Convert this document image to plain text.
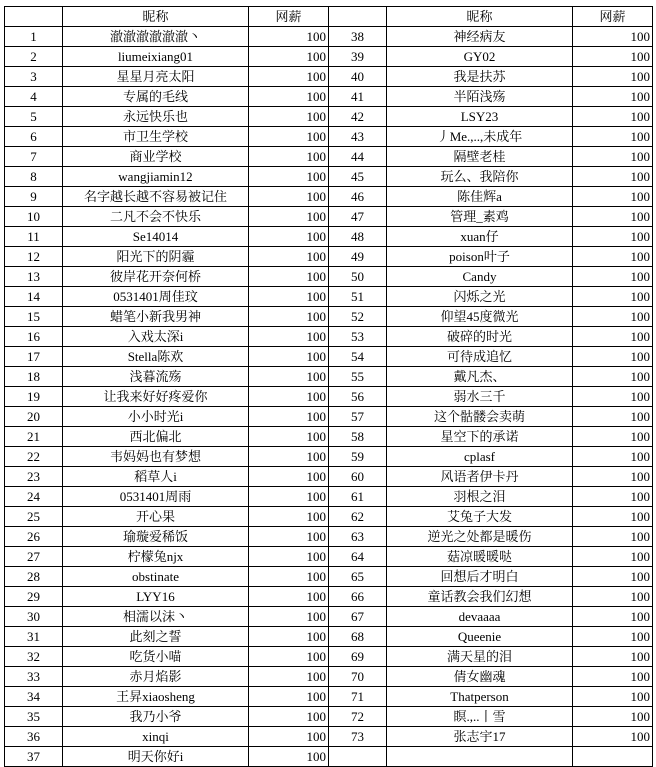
	昵称	网薪		昵称	网薪
1	澈澈澈澈澈澈丶	100	38	神经病友	100
2	liumeixiang01	100	39	GY02	100
3	星星月亮太阳	100	40	我是扶苏	100
4	专属的毛线	100	41	半陌浅殇	100
5	永远快乐也	100	42	LSY23	100
6	市卫生学校	100	43	丿Me.,..,未成年	100
7	商业学校	100	44	隔壁老桂	100
8	wangjiamin12	100	45	玩么、我陪你	100
9	名字越长越不容易被记住	100	46	陈佳辉a	100
10	二凡不会不快乐	100	47	管理_素鸡	100
11	Se14014	100	48	xuan仔	100
12	阳光下的阴霾	100	49	poison叶子	100
13	彼岸花开奈何桥	100	50	Candy	100
14	0531401周佳玟	100	51	闪烁之光	100
15	蜡笔小新我男神	100	52	仰望45度微光	100
16	入戏太深i	100	53	破碎的时光	100
17	Stella陈欢	100	54	可待成追忆	100
18	浅暮流殇	100	55	戴凡杰、	100
19	让我来好好疼爱你	100	56	弱水三千	100
20	小小时光i	100	57	这个骷髅会卖萌	100
21	西北偏北	100	58	星空下的承诺	100
22	韦妈妈也有梦想	100	59	cplasf	100
23	稻草人i	100	60	风语者伊卡丹	100
24	0531401周雨	100	61	羽根之泪	100
25	开心果	100	62	艾兔子大发	100
26	瑜璇爱稀饭	100	63	逆光之处都是暖伤	100
27	柠檬兔njx	100	64	菇凉暖暖哒	100
28	obstinate	100	65	回想后才明白	100
29	LYY16	100	66	童话教会我们幻想	100
30	相濡以沫丶	100	67	devaaaa	100
31	此刻之誓	100	68	Queenie	100
32	吃货小喵	100	69	满天星的泪	100
33	赤月焰影	100	70	倩女幽魂	100
34	王昇xiaosheng	100	71	Thatperson	100
35	我乃小爷	100	72	瞑.,..丨雪	100
36	xinqi	100	73	张志宇17	100
37	明天你好i	100			
